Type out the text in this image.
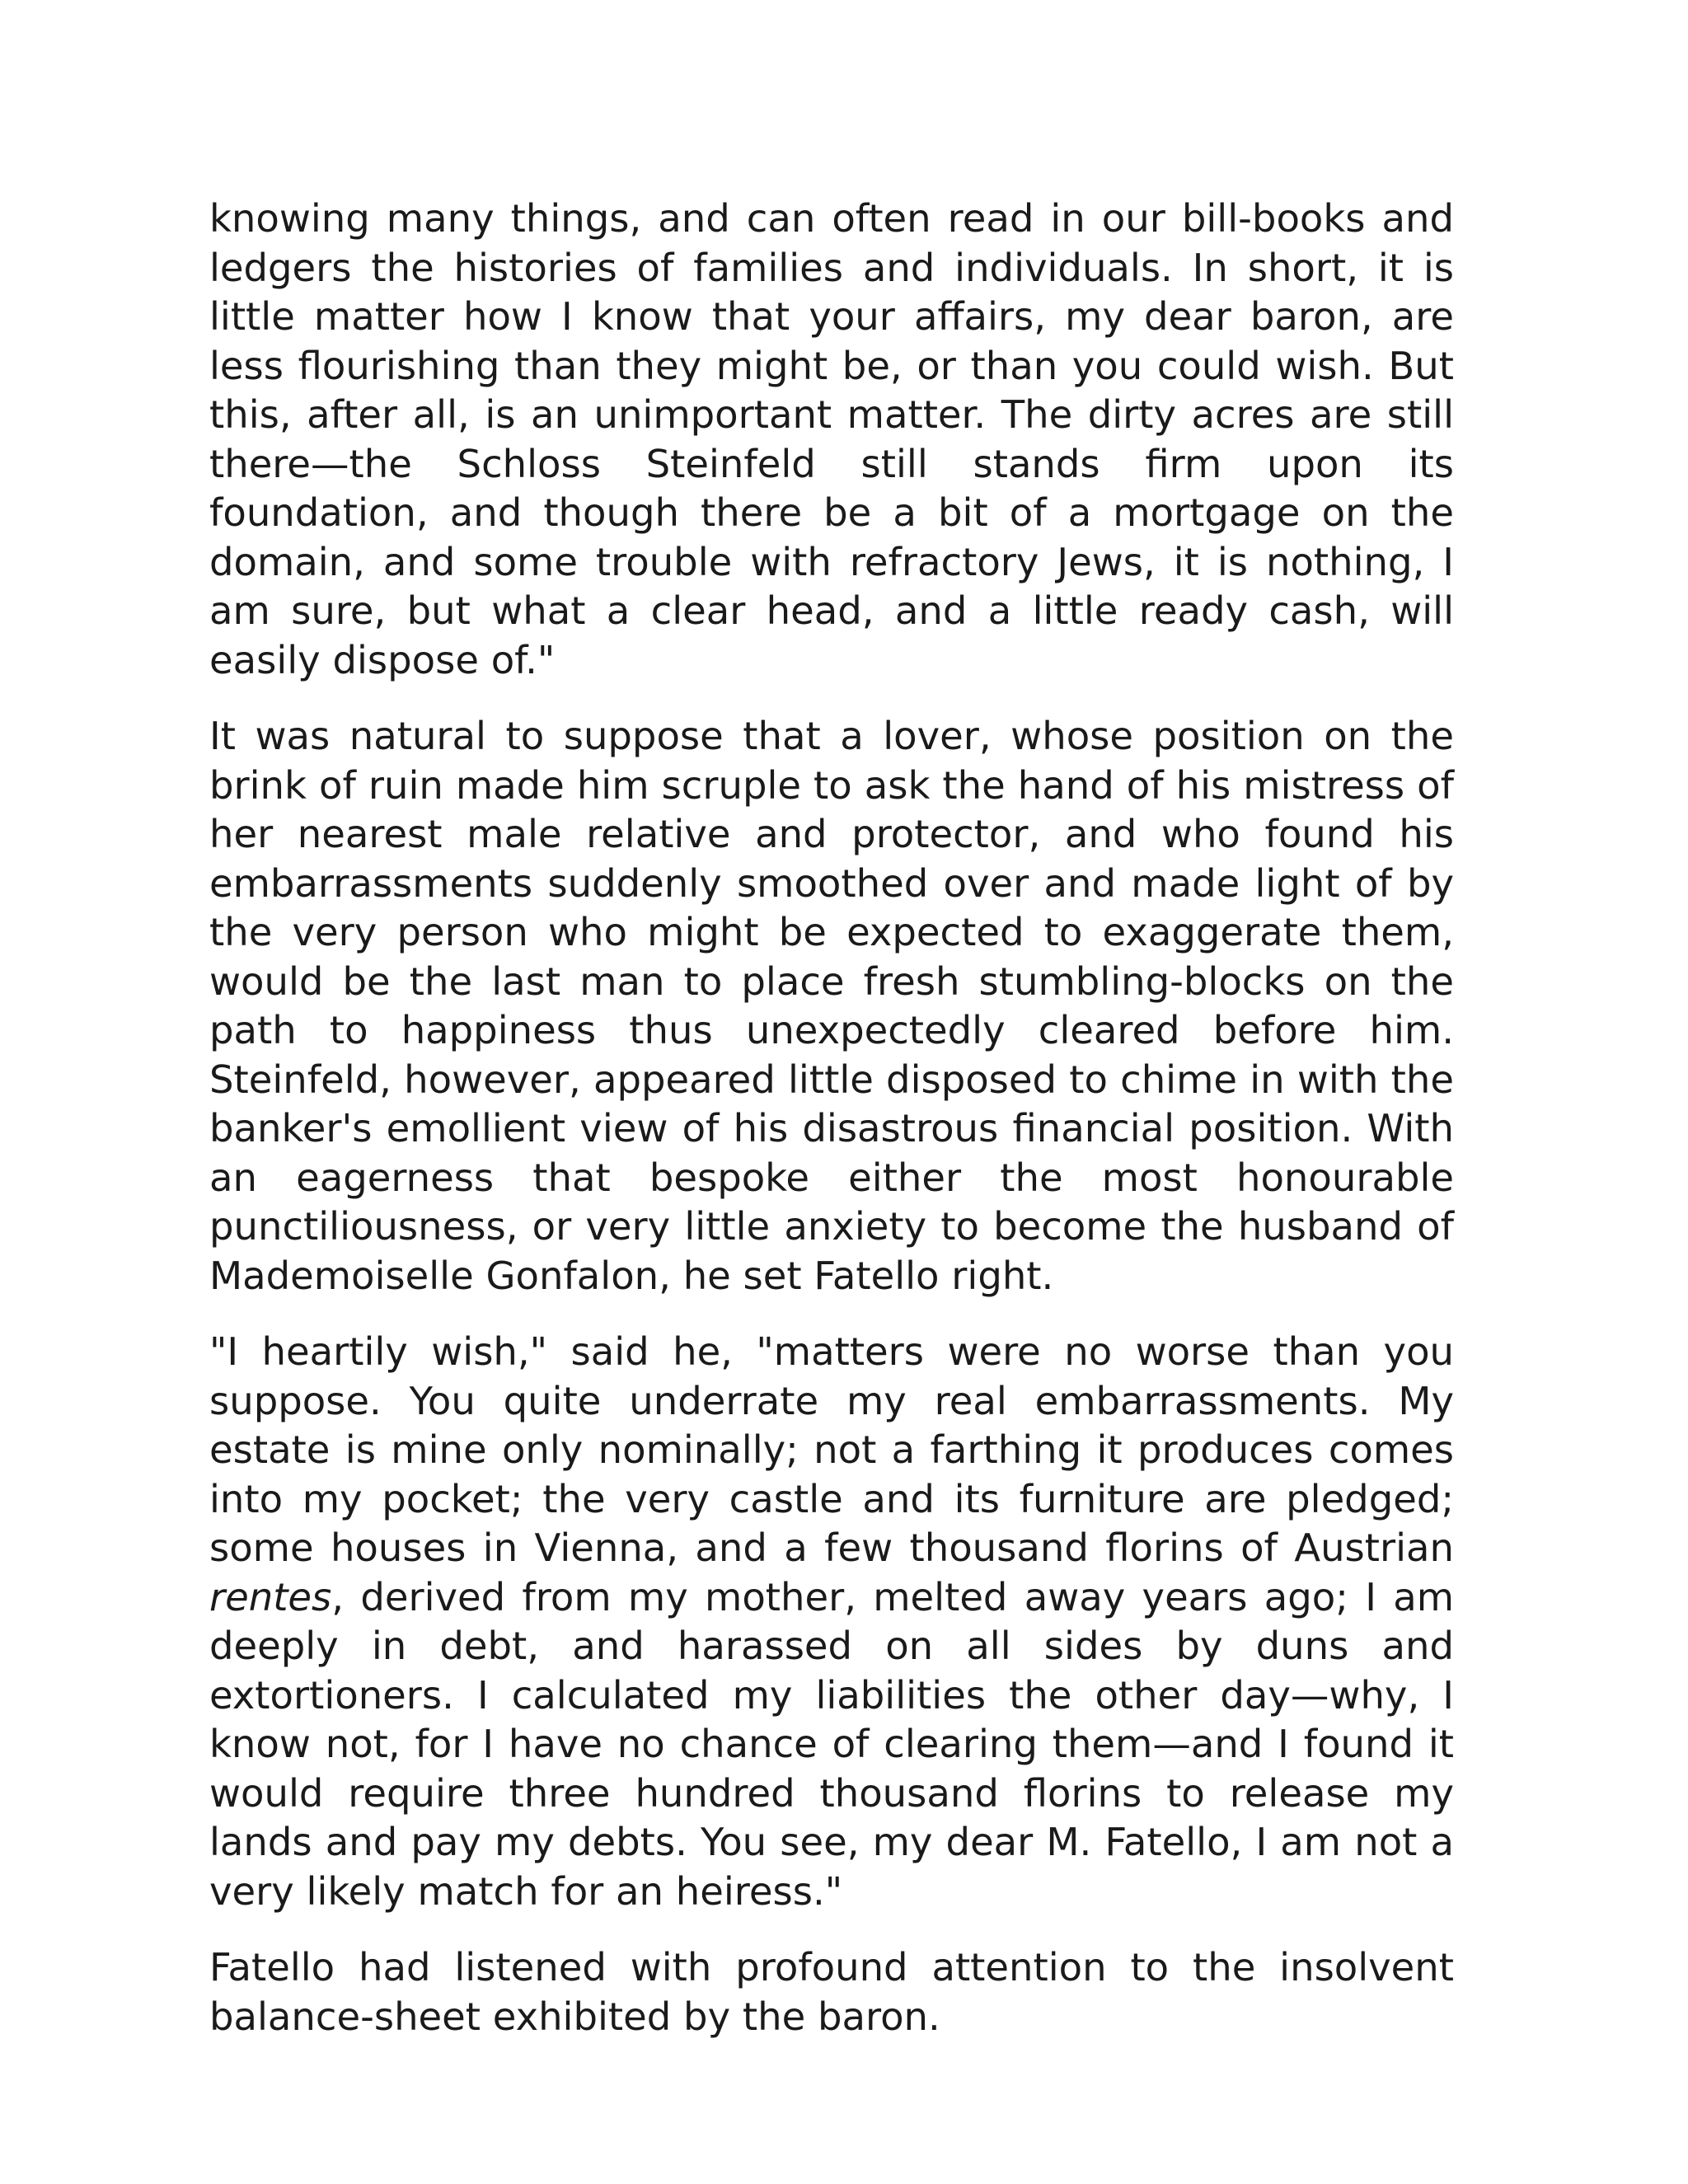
knowing many things, and can often read in our bill-books and ledgers the histories of families and individuals. In short, it is little matter how I know that your affairs, my dear baron, are less flourishing than they might be, or than you could wish. But this, after all, is an unimportant matter. The dirty acres are still there—the Schloss Steinfeld still stands firm upon its foundation, and though there be a bit of a mortgage on the domain, and some trouble with refractory Jews, it is nothing, I am sure, but what a clear head, and a little ready cash, will easily dispose of."

It was natural to suppose that a lover, whose position on the brink of ruin made him scruple to ask the hand of his mistress of her nearest male relative and protector, and who found his embarrassments suddenly smoothed over and made light of by the very person who might be expected to exaggerate them, would be the last man to place fresh stumbling-blocks on the path to happiness thus unexpectedly cleared before him. Steinfeld, however, appeared little disposed to chime in with the banker's emollient view of his disastrous financial position. With an eagerness that bespoke either the most honourable punctiliousness, or very little anxiety to become the husband of Mademoiselle Gonfalon, he set Fatello right.

"I heartily wish," said he, "matters were no worse than you suppose. You quite underrate my real embarrassments. My estate is mine only nominally; not a farthing it produces comes into my pocket; the very castle and its furniture are pledged; some houses in Vienna, and a few thousand florins of Austrian rentes, derived from my mother, melted away years ago; I am deeply in debt, and harassed on all sides by duns and extortioners. I calculated my liabilities the other day—why, I know not, for I have no chance of clearing them—and I found it would require three hundred thousand florins to release my lands and pay my debts. You see, my dear M. Fatello, I am not a very likely match for an heiress."

Fatello had listened with profound attention to the insolvent balance-sheet exhibited by the baron.
